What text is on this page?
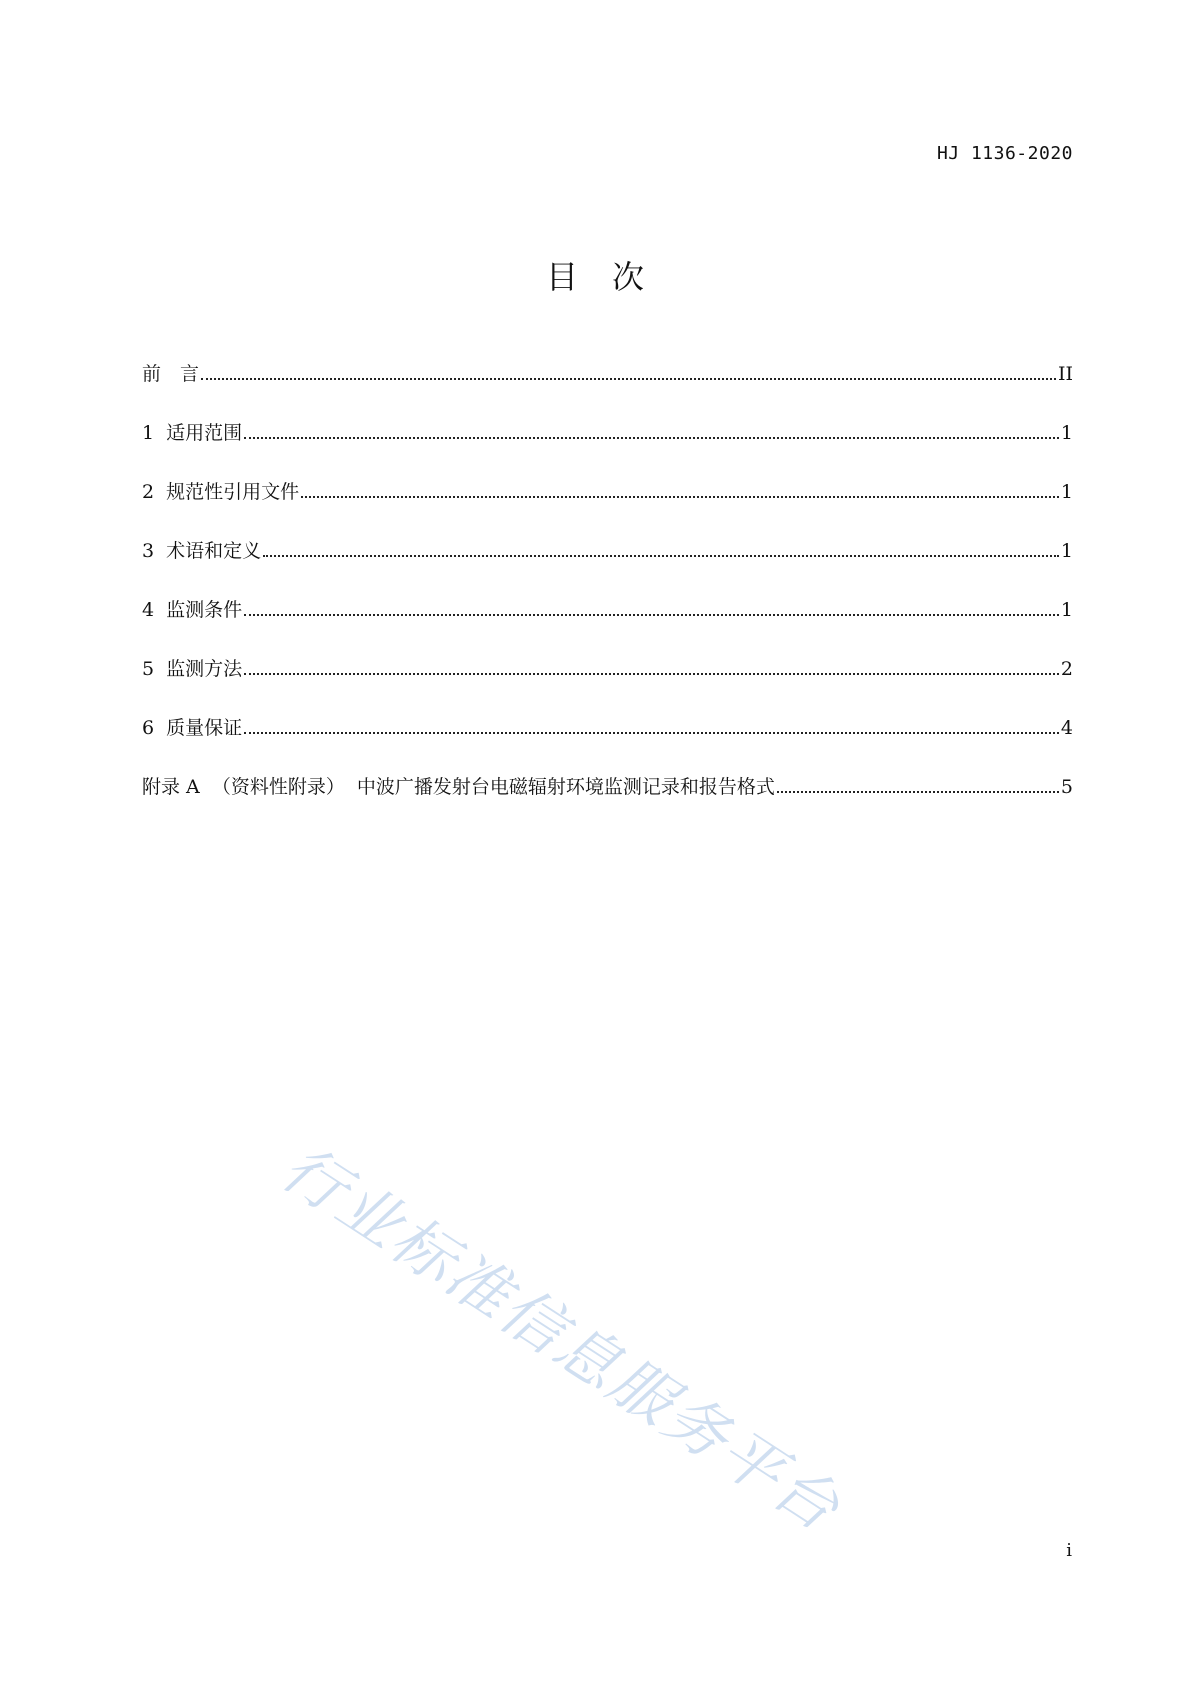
HJ 1136-2020
目次
前　言	II
1  适用范围	1
2  规范性引用文件	1
3  术语和定义	1
4  监测条件	1
5  监测方法	2
6  质量保证	4
附录 A  （资料性附录）  中波广播发射台电磁辐射环境监测记录和报告格式	5
行业标准信息服务平台
i
